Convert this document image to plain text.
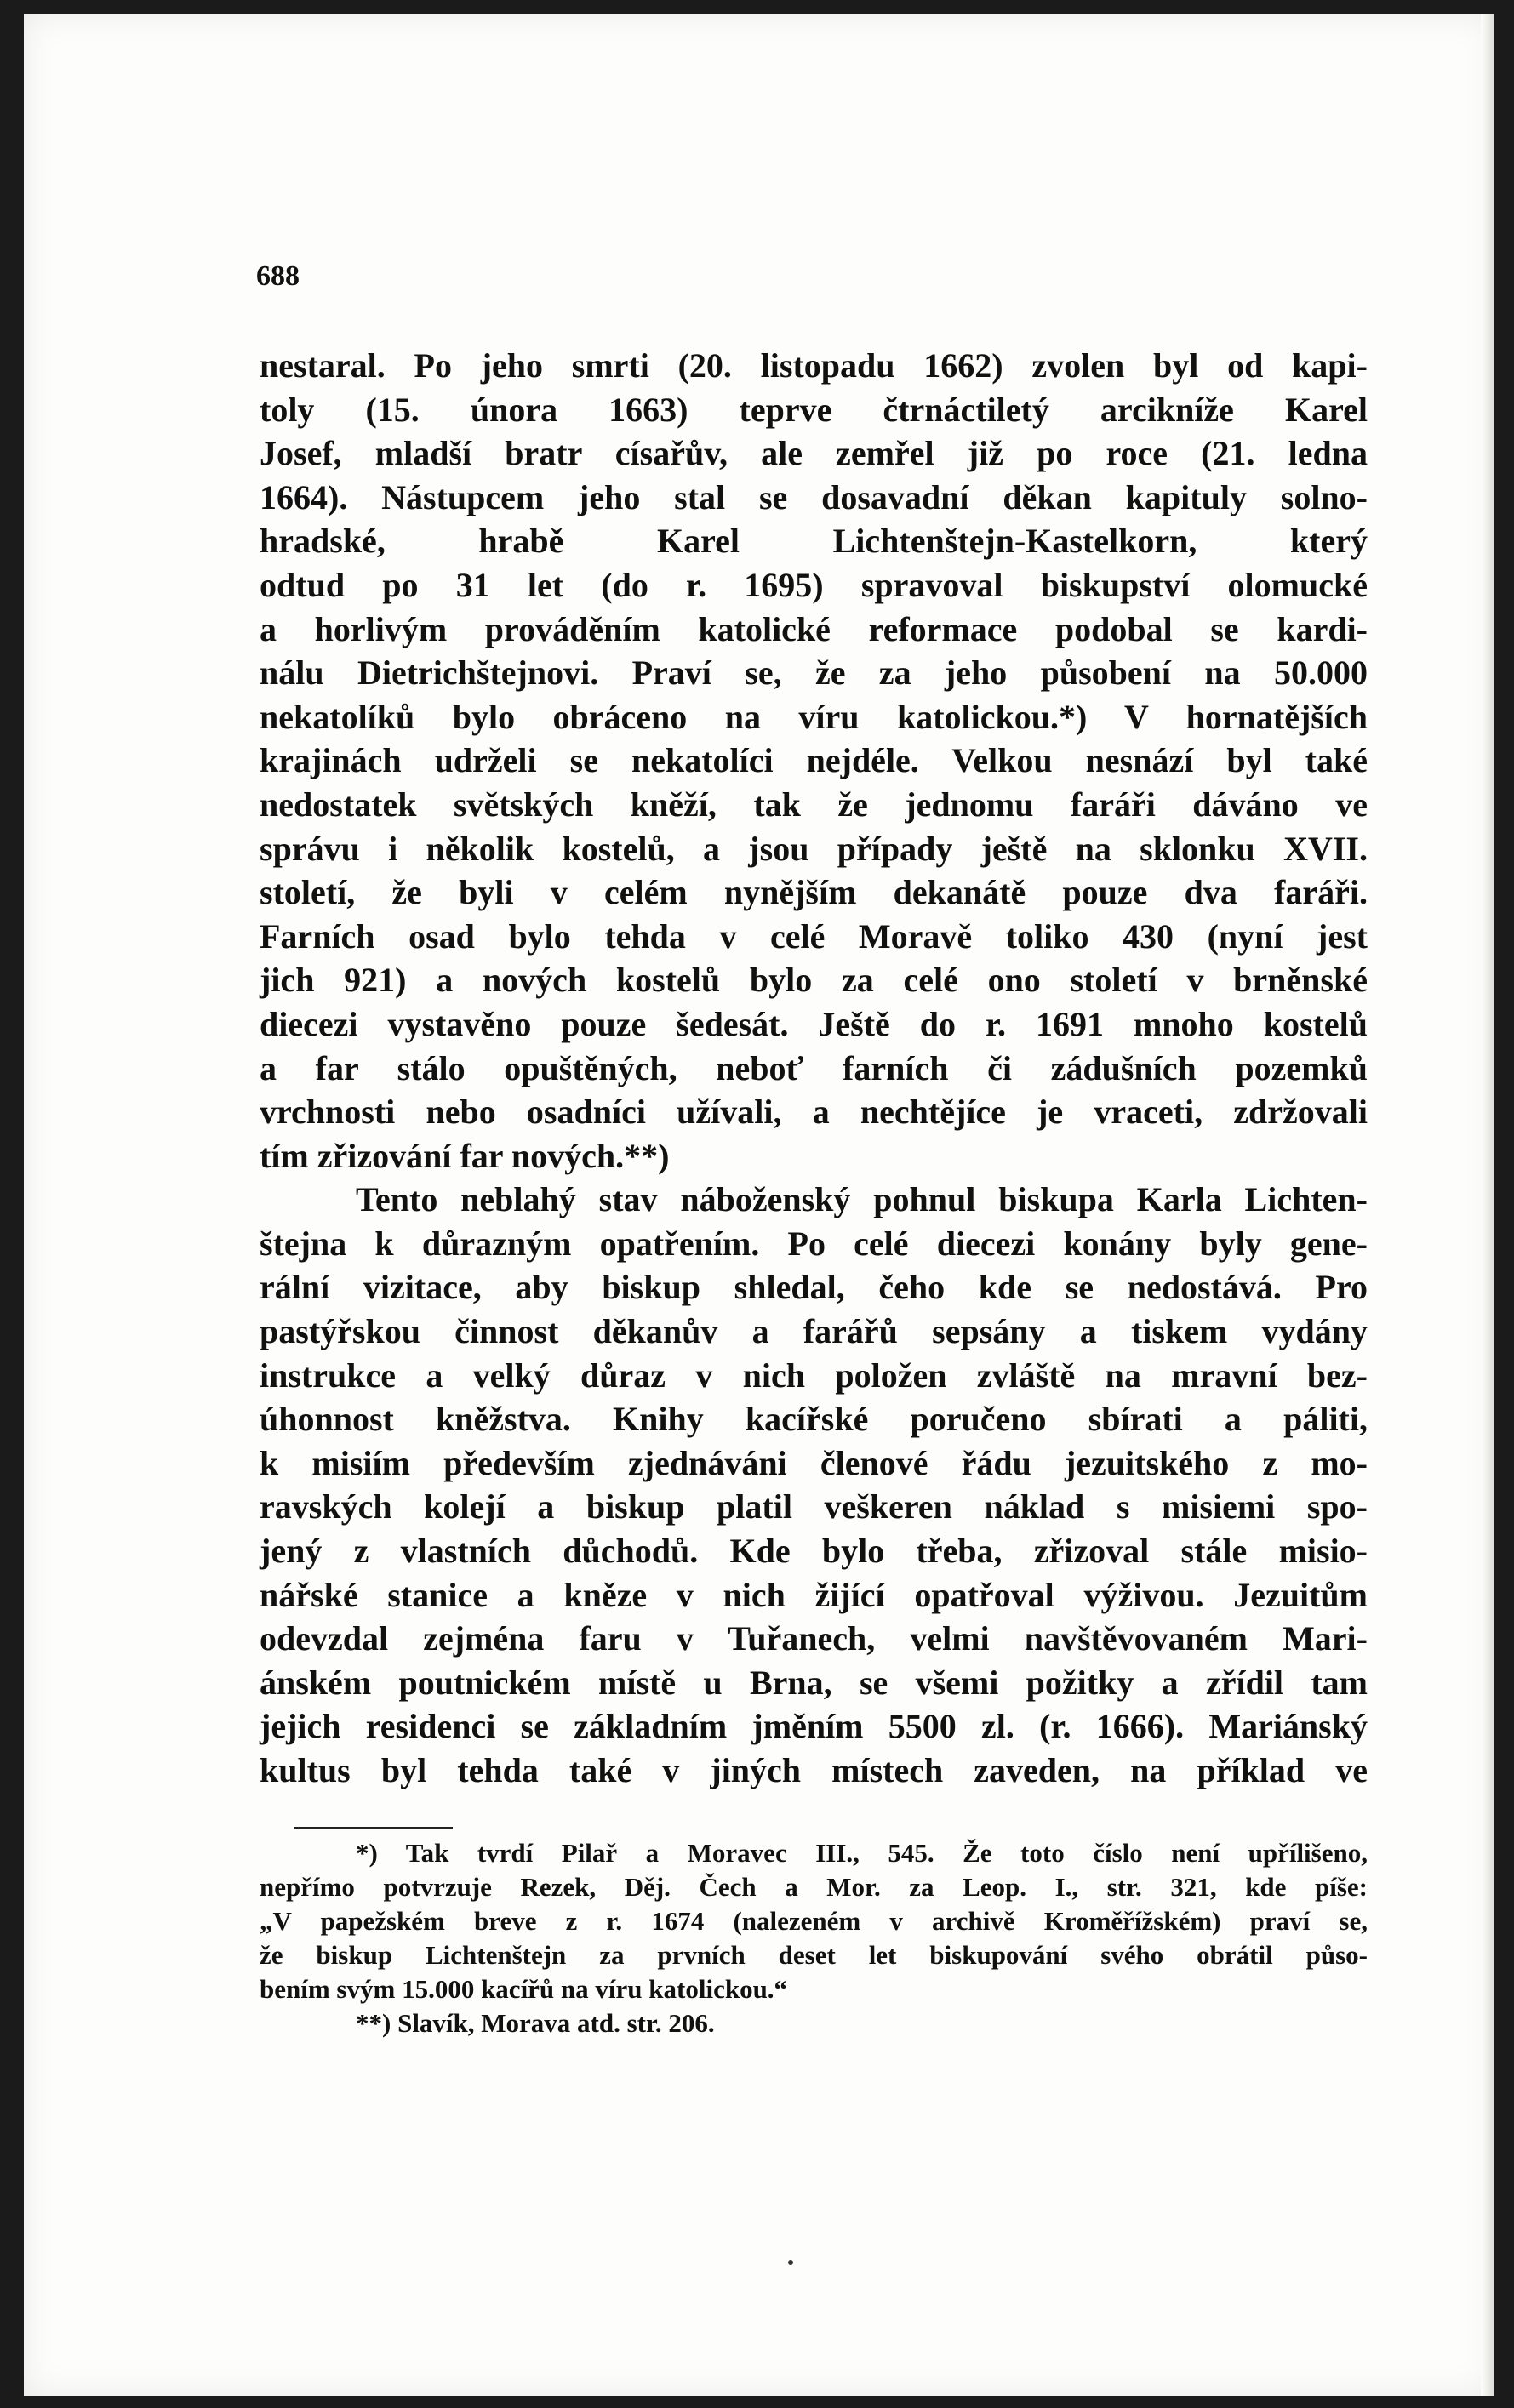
688
nestaral. Po jeho smrti (20. listopadu 1662) zvolen byl od kapi-
toly (15. února 1663) teprve čtrnáctiletý arcikníže Karel
Josef, mladší bratr císařův, ale zemřel již po roce (21. ledna
1664). Nástupcem jeho stal se dosavadní děkan kapituly solno-
hradské, hrabě Karel Lichtenštejn-Kastelkorn, který
odtud po 31 let (do r. 1695) spravoval biskupství olomucké
a horlivým prováděním katolické reformace podobal se kardi-
nálu Dietrichštejnovi. Praví se, že za jeho působení na 50.000
nekatolíků bylo obráceno na víru katolickou.*) V hornatějších
krajinách udrželi se nekatolíci nejdéle. Velkou nesnází byl také
nedostatek světských kněží, tak že jednomu faráři dáváno ve
správu i několik kostelů, a jsou případy ještě na sklonku XVII.
století, že byli v celém nynějším dekanátě pouze dva faráři.
Farních osad bylo tehda v celé Moravě toliko 430 (nyní jest
jich 921) a nových kostelů bylo za celé ono století v brněnské
diecezi vystavěno pouze šedesát. Ještě do r. 1691 mnoho kostelů
a far stálo opuštěných, neboť farních či zádušních pozemků
vrchnosti nebo osadníci užívali, a nechtějíce je vraceti, zdržovali
tím zřizování far nových.**)
Tento neblahý stav náboženský pohnul biskupa Karla Lichten-
štejna k důrazným opatřením. Po celé diecezi konány byly gene-
rální vizitace, aby biskup shledal, čeho kde se nedostává. Pro
pastýřskou činnost děkanův a farářů sepsány a tiskem vydány
instrukce a velký důraz v nich položen zvláště na mravní bez-
úhonnost kněžstva. Knihy kacířské poručeno sbírati a páliti,
k misiím především zjednáváni členové řádu jezuitského z mo-
ravských kolejí a biskup platil veškeren náklad s misiemi spo-
jený z vlastních důchodů. Kde bylo třeba, zřizoval stále misio-
nářské stanice a kněze v nich žijící opatřoval výživou. Jezuitům
odevzdal zejména faru v Tuřanech, velmi navštěvovaném Mari-
ánském poutnickém místě u Brna, se všemi požitky a zřídil tam
jejich residenci se základním jměním 5500 zl. (r. 1666). Mariánský
kultus byl tehda také v jiných místech zaveden, na příklad ve
*) Tak tvrdí Pilař a Moravec III., 545. Že toto číslo není upřílišeno,
nepřímo potvrzuje Rezek, Děj. Čech a Mor. za Leop. I., str. 321, kde píše:
„V papežském breve z r. 1674 (nalezeném v archivě Kroměřížském) praví se,
že biskup Lichtenštejn za prvních deset let biskupování svého obrátil půso-
bením svým 15.000 kacířů na víru katolickou.“
**) Slavík, Morava atd. str. 206.
